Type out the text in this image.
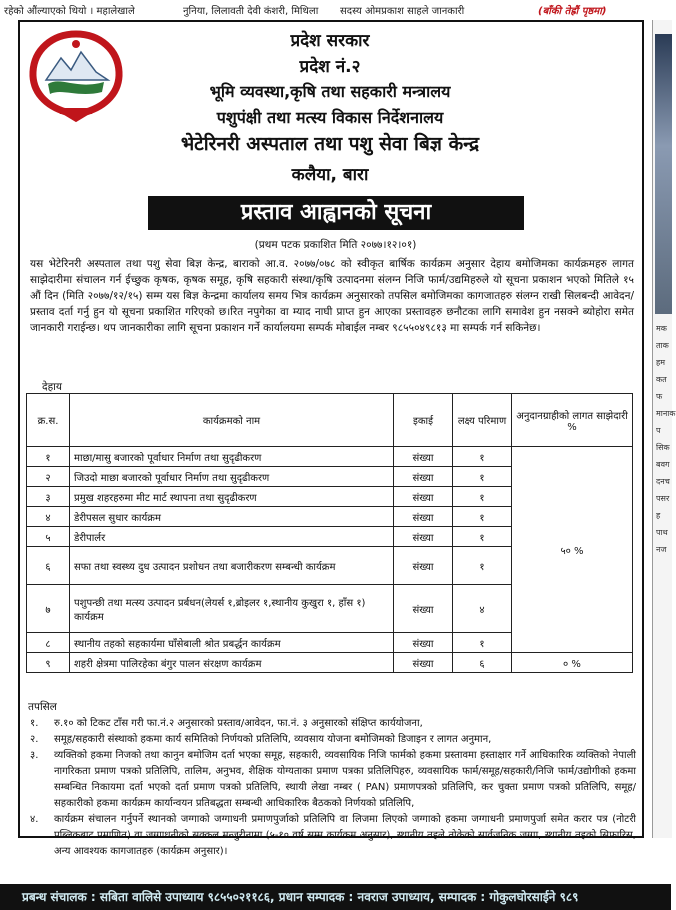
रहेको औंल्याएको थियो । महालेखाले	नुनिया, लिलावती देवी कंशरी, मिथिला सदस्य ओमप्रकाश साहले जानकारी	(बाँकी तेह्रौं पृष्ठमा)
मकताकहमकतफमानाकपसिकबवगदनचपसरहपाथनज
प्रदेश सरकार
प्रदेश नं.२
भूमि व्यवस्था,कृषि तथा सहकारी मन्त्रालय
पशुपंक्षी तथा मत्स्य विकास निर्देशनालय
भेटेरिनरी अस्पताल तथा पशु सेवा बिज्ञ केन्द्र
कलैया, बारा
प्रस्ताव आह्वानको सूचना
(प्रथम पटक प्रकाशित मिति २०७७।१२।०१)
यस भेटेरिनरी अस्पताल तथा पशु सेवा बिज्ञ केन्द्र, बाराको आ.व. २०७७/०७८ को स्वीकृत बार्षिक कार्यक्रम अनुसार देहाय बमोजिमका कार्यक्रमहरु लागत साझेदारीमा संचालन गर्न ईच्छुक कृषक, कृषक समूह, कृषि सहकारी संस्था/कृषि उत्पादनमा संलग्न निजि फार्म/उद्यमिहरुले यो सूचना प्रकाशन भएको मितिले १५ औं दिन (मिति २०७७/१२/१५) सम्म यस बिज्ञ केन्द्रमा कार्यालय समय भित्र कार्यक्रम अनुसारको तपसिल बमोजिमका कागजातहरु संलग्न राखी सिलबन्दी आवेदन/प्रस्ताव दर्ता गर्नु हुन यो सूचना प्रकाशित गरिएको छ।रित नपुगेका वा म्याद नाघी प्राप्त हुन आएका प्रस्तावहरु छनौटका लागि समावेश हुन नसक्ने ब्योहोरा समेत जानकारी गराईन्छ। थप जानकारीका लागि सूचना प्रकाशन गर्ने कार्यालयमा सम्पर्क मोबाईल नम्बर ९८५५०४९८१३ मा सम्पर्क गर्न सकिनेछ।
देहाय
क्र.स.	कार्यक्रमको नाम	इकाई	लक्ष्य परिमाण	अनुदानग्राहीको लागत साझेदारी %
१	माछा/मासु बजारको पूर्वाधार निर्माण तथा सुदृढीकरण	संख्या	१	५० %
२	जिउदो माछा बजारको पूर्वाधार निर्माण तथा सुदृढीकरण	संख्या	१	
३	प्रमुख शहरहरुमा मीट मार्ट स्थापना तथा सुदृढीकरण	संख्या	१	
४	डेरीपसल सुधार कार्यक्रम	संख्या	१	
५	डेरीपार्लर	संख्या	१	
६	सफा तथा स्वस्थ्य दुध उत्पादन प्रशोधन तथा बजारीकरण सम्बन्धी कार्यक्रम	संख्या	१	
७	पशुपन्छी तथा मत्स्य उत्पादन प्रर्बधन(लेयर्स १,ब्रोइलर १,स्थानीय कुखुरा १, हाँस १) कार्यक्रम	संख्या	४	
८	स्थानीय तहको सहकार्यमा घाँसेबाली श्रोत प्रबर्द्धन कार्यक्रम	संख्या	१	
९	शहरी क्षेत्रमा पालिरहेका बंगुर पालन संरक्षण कार्यक्रम	संख्या	६	० %
तपसिल
१.	रु.१० को टिकट टाँस गरी फा.नं.२ अनुसारको प्रस्ताव/आवेदन, फा.नं. ३ अनुसारको संक्षिप्त कार्ययोजना,
२.	समूह/सहकारी संस्थाको हकमा कार्य समितिको निर्णयको प्रतिलिपि, व्यवसाय योजना बमोजिमको डिजाइन र लागत अनुमान,
३.	व्यक्तिको हकमा निजको तथा कानुन बमोजिम दर्ता भएका समूह, सहकारी, व्यवसायिक निजि फार्मको हकमा प्रस्तावमा हस्ताक्षार गर्ने आधिकारिक व्यक्तिको नेपाली नागरिकता प्रमाण पत्रको प्रतिलिपि, तालिम, अनुभव, शैक्षिक योग्यताका प्रमाण पत्रका प्रतिलिपिहरु, व्यवसायिक फार्म/समूह/सहकारी/निजि फार्म/उद्योगीको हकमा सम्बन्धित निकायमा दर्ता भएको दर्ता प्रमाण पत्रको प्रतिलिपि, स्थायी लेखा नम्बर ( PAN) प्रमाणपत्रको प्रतिलिपि, कर चुक्ता प्रमाण पत्रको प्रतिलिपि, समूह/सहकारीको हकमा कार्यक्रम कार्यान्वयन प्रतिबद्धता सम्बन्धी आधिकारिक बैठकको निर्णयको प्रतिलिपि,
४.	कार्यक्रम संचालन गर्नुपर्ने स्थानको जग्गाको जग्गाधनी प्रमाणपुर्जाको प्रतिलिपि वा लिजमा लिएको जग्गाको हकमा जग्गाधनी प्रमाणपुर्जा समेत करार पत्र (नोटरी पब्लिकबाट प्रमाणित) वा जग्गाधनीको सक्कल मन्जुरीनामा (५-१० वर्ष सम्म कार्यक्रम अनुसार), स्थानीय तहले तोकेको सार्वजनिक जग्गा, स्थानीय तहको सिफारिस, अन्य आवश्यक कागजातहरु (कार्यक्रम अनुसार)।
प्रबन्ध संचालक : सबिता वालिसे उपाध्याय ९८५५०२११८६, प्रधान सम्पादक : नवराज उपाध्याय, सम्पादक : गोकुलघोरसाईने ९८९
